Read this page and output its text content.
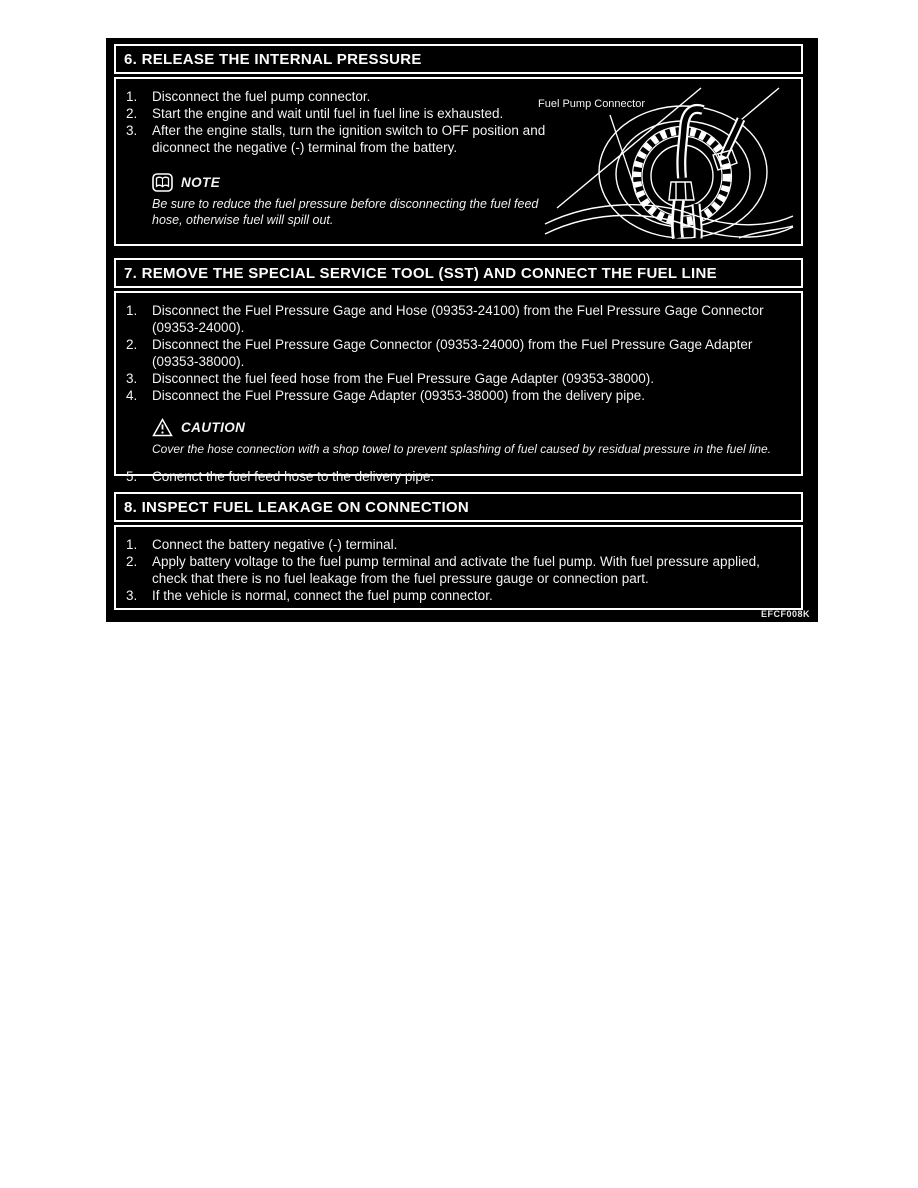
6. RELEASE THE INTERNAL PRESSURE
1.	Disconnect the fuel pump connector.
2.	Start the engine and wait until fuel in fuel line is exhausted.
3.	After the engine stalls, turn the ignition switch to OFF position and diconnect the negative (-) terminal from the battery.
NOTE
Be sure to reduce the fuel pressure before disconnecting the fuel feed hose, otherwise fuel will spill out.
Fuel Pump Connector
7. REMOVE THE SPECIAL SERVICE TOOL (SST) AND CONNECT THE FUEL LINE
1.	Disconnect the Fuel Pressure Gage and Hose (09353-24100) from the Fuel Pressure Gage Connector (09353-24000).
2.	Disconnect the Fuel Pressure Gage Connector (09353-24000) from the Fuel Pressure Gage Adapter (09353-38000).
3.	Disconnect the fuel feed hose from the Fuel Pressure Gage Adapter (09353-38000).
4.	Disconnect the Fuel Pressure Gage Adapter (09353-38000) from the delivery pipe.
CAUTION
Cover the hose connection with a shop towel to prevent splashing of fuel caused by residual pressure in the fuel line.
5.	Conenct the fuel feed hose to the delivery pipe.
8. INSPECT FUEL LEAKAGE ON CONNECTION
1.	Connect the battery negative (-) terminal.
2.	Apply battery voltage to the fuel pump terminal and activate the fuel pump. With fuel pressure applied, check that there is no fuel leakage from the fuel pressure gauge or connection part.
3.	If the vehicle is normal, connect the fuel pump connector.
EFCF008K
